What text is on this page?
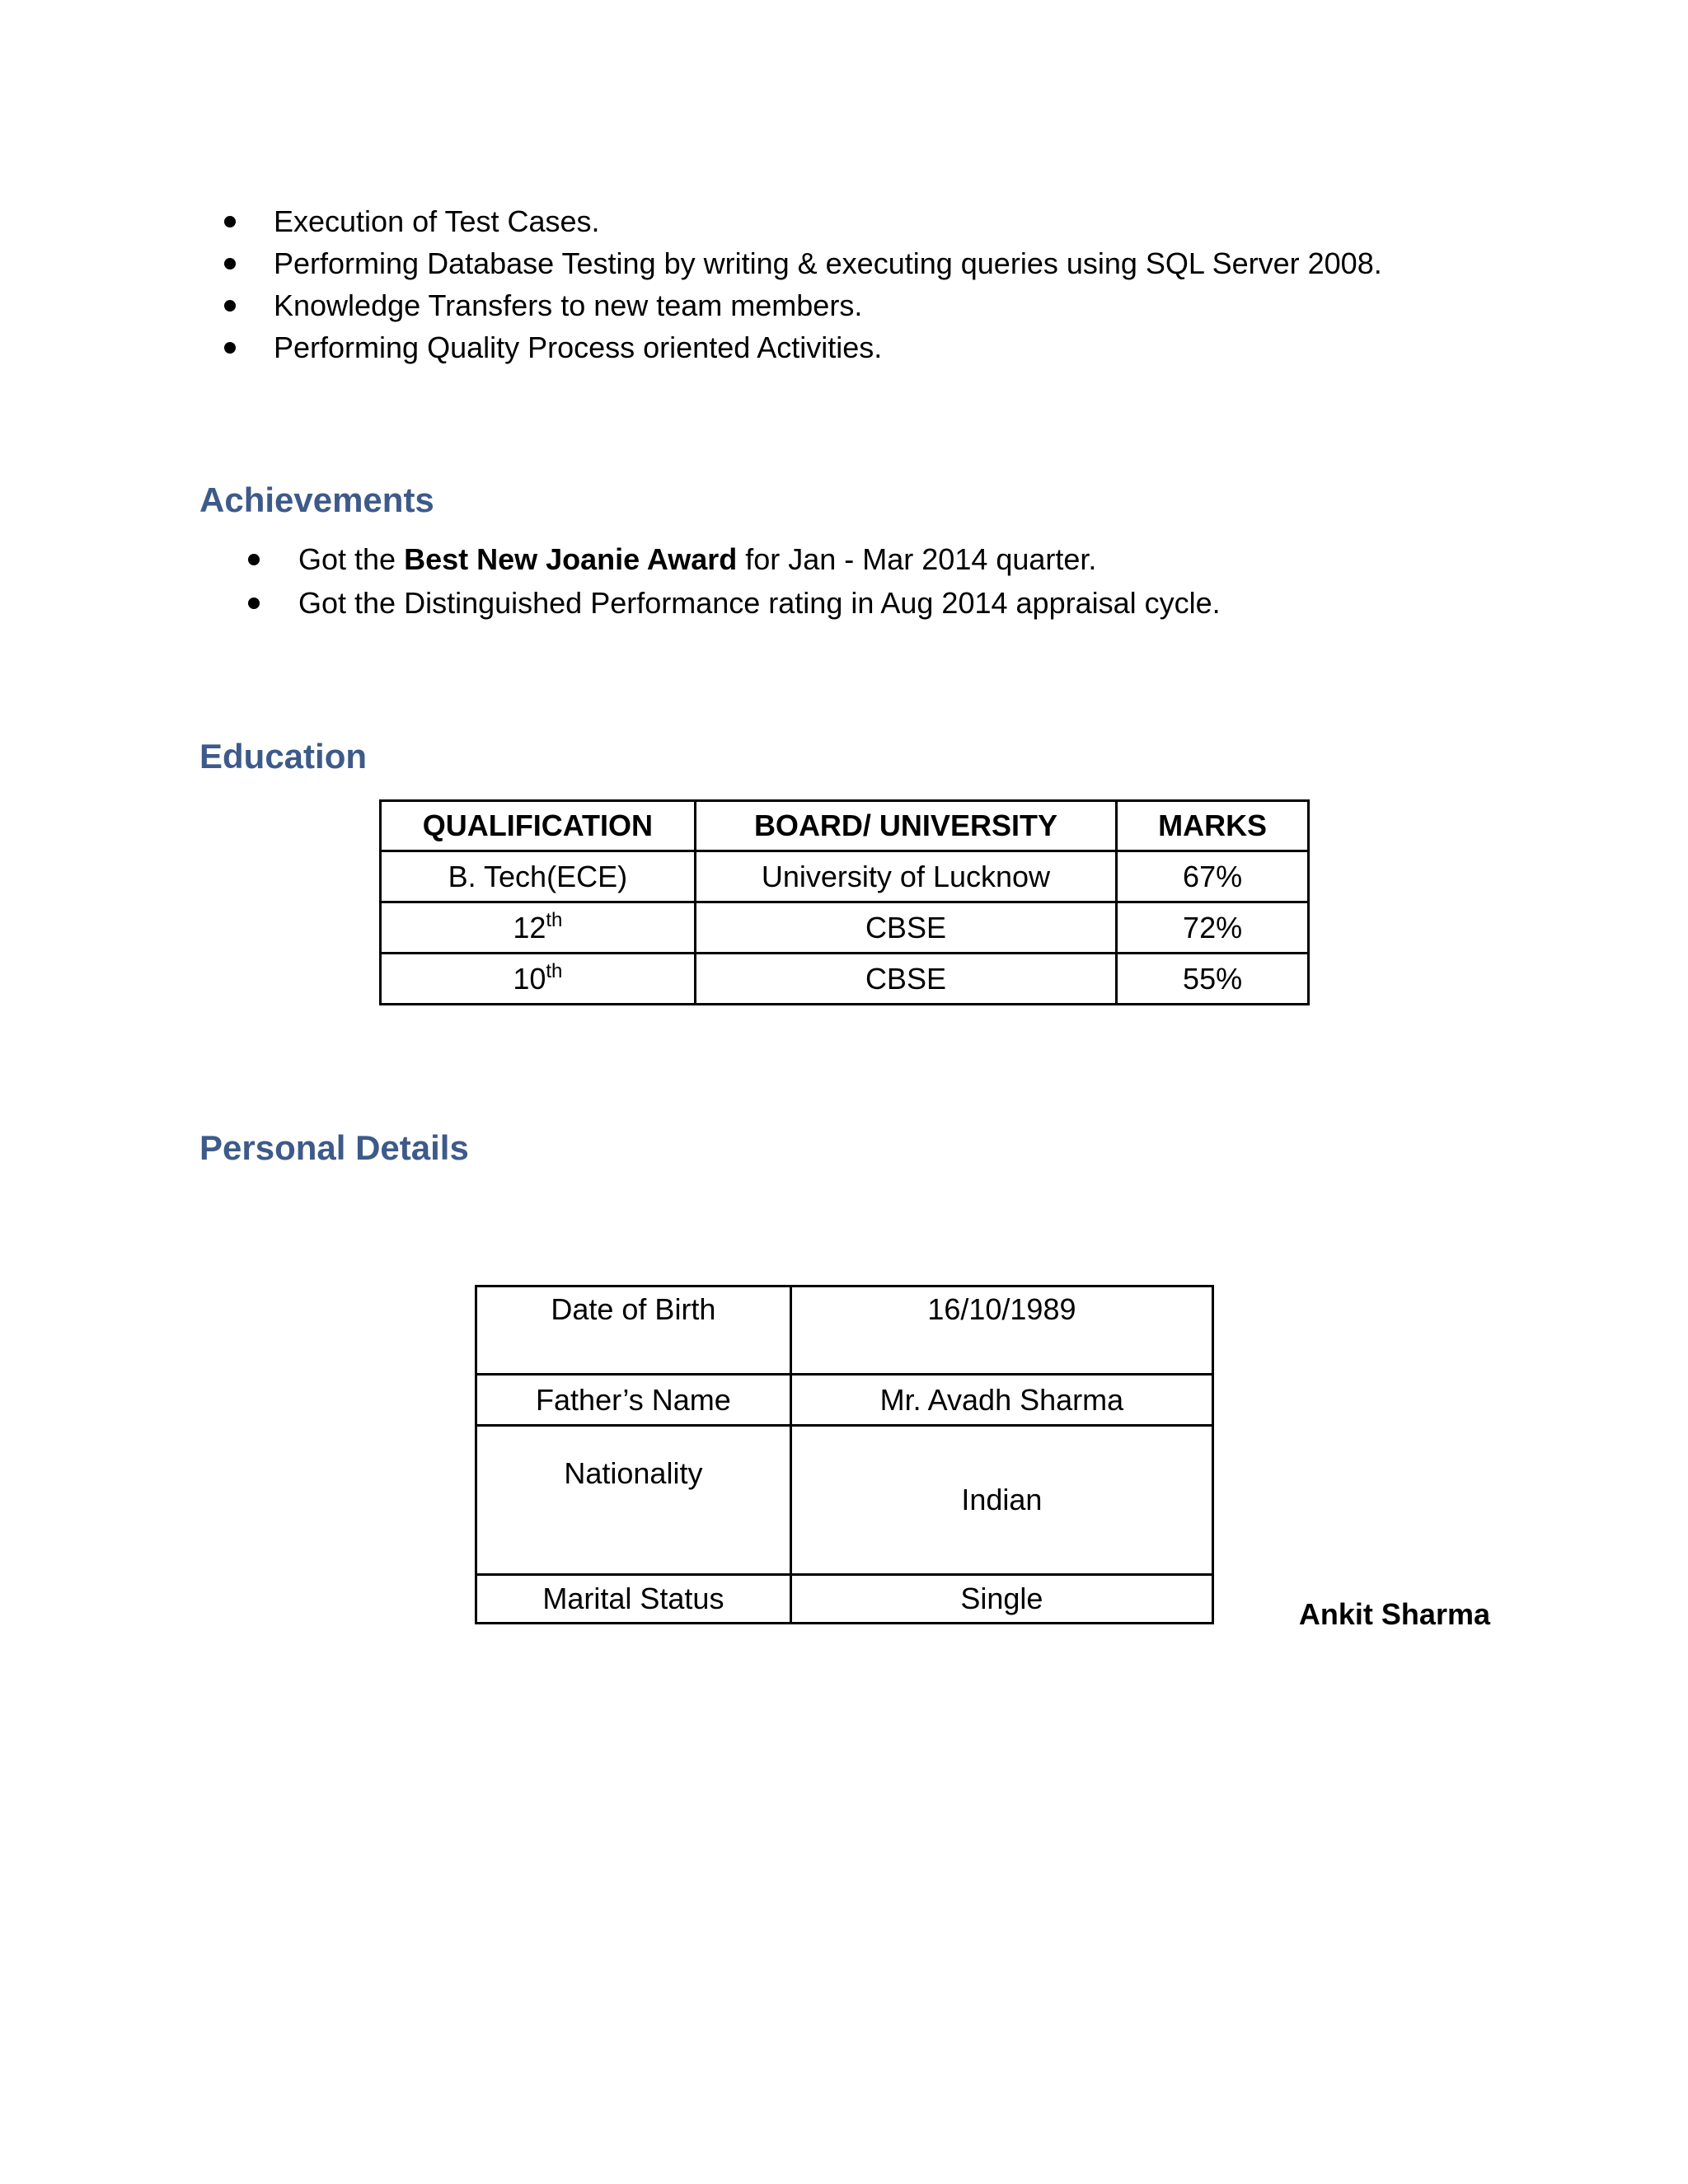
Execution of Test Cases.
Performing Database Testing by writing & executing queries using SQL Server 2008.
Knowledge Transfers to new team members.
Performing Quality Process oriented Activities.
Achievements
Got the Best New Joanie Award for Jan - Mar 2014 quarter.
Got the Distinguished Performance rating in Aug 2014 appraisal cycle.
Education
QUALIFICATION	BOARD/ UNIVERSITY	MARKS
B. Tech(ECE)	University of Lucknow	67%
12th	CBSE	72%
10th	CBSE	55%
Personal Details
Date of Birth	16/10/1989
Father’s Name	Mr. Avadh Sharma
Nationality	Indian
Marital Status	Single	Ankit Sharma
